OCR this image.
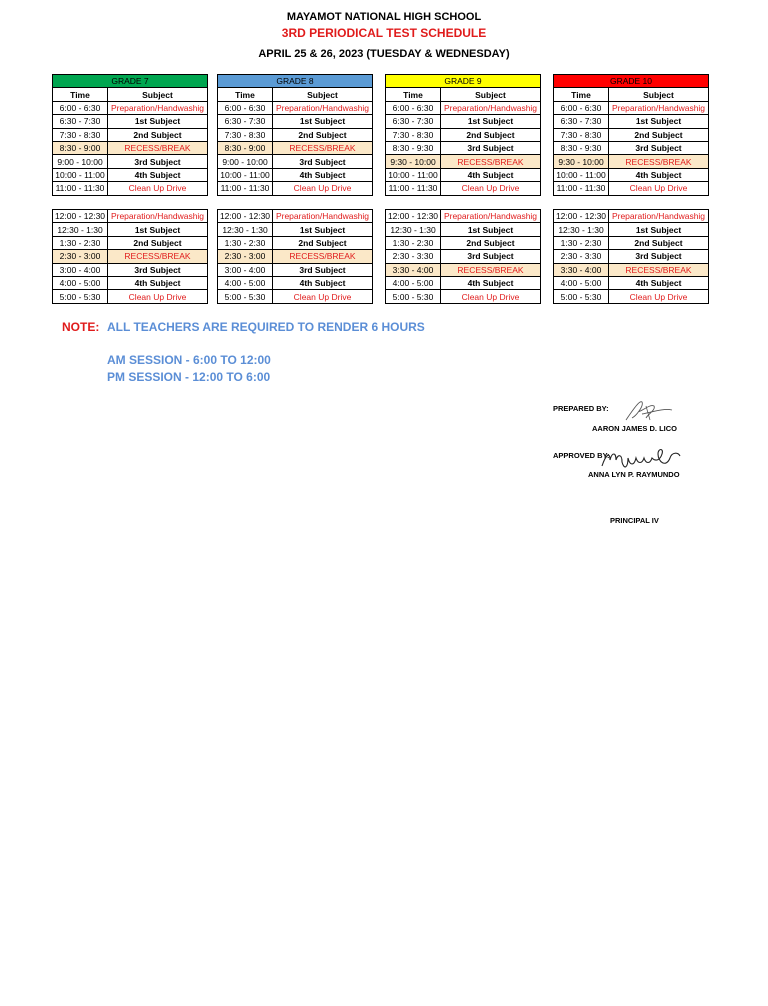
MAYAMOT NATIONAL HIGH SCHOOL
3RD PERIODICAL TEST SCHEDULE
APRIL 25 & 26, 2023 (TUESDAY & WEDNESDAY)
GRADE 7	
Time	Subject
6:00 - 6:30	Preparation/Handwashig
6:30 - 7:30	1st Subject
7:30 - 8:30	2nd Subject
8:30 - 9:00	RECESS/BREAK
9:00 - 10:00	3rd Subject
10:00 - 11:00	4th Subject
11:00 - 11:30	Clean Up Drive
GRADE 8	
Time	Subject
6:00 - 6:30	Preparation/Handwashig
6:30 - 7:30	1st Subject
7:30 - 8:30	2nd Subject
8:30 - 9:00	RECESS/BREAK
9:00 - 10:00	3rd Subject
10:00 - 11:00	4th Subject
11:00 - 11:30	Clean Up Drive
GRADE 9	
Time	Subject
6:00 - 6:30	Preparation/Handwashig
6:30 - 7:30	1st Subject
7:30 - 8:30	2nd Subject
8:30 - 9:30	3rd Subject
9:30 - 10:00	RECESS/BREAK
10:00 - 11:00	4th Subject
11:00 - 11:30	Clean Up Drive
GRADE 10	
Time	Subject
6:00 - 6:30	Preparation/Handwashig
6:30 - 7:30	1st Subject
7:30 - 8:30	2nd Subject
8:30 - 9:30	3rd Subject
9:30 - 10:00	RECESS/BREAK
10:00 - 11:00	4th Subject
11:00 - 11:30	Clean Up Drive
12:00 - 12:30	Preparation/Handwashig
12:30 - 1:30	1st Subject
1:30 - 2:30	2nd Subject
2:30 - 3:00	RECESS/BREAK
3:00 - 4:00	3rd Subject
4:00 - 5:00	4th Subject
5:00 - 5:30	Clean Up Drive
12:00 - 12:30	Preparation/Handwashig
12:30 - 1:30	1st Subject
1:30 - 2:30	2nd Subject
2:30 - 3:00	RECESS/BREAK
3:00 - 4:00	3rd Subject
4:00 - 5:00	4th Subject
5:00 - 5:30	Clean Up Drive
12:00 - 12:30	Preparation/Handwashig
12:30 - 1:30	1st Subject
1:30 - 2:30	2nd Subject
2:30 - 3:30	3rd Subject
3:30 - 4:00	RECESS/BREAK
4:00 - 5:00	4th Subject
5:00 - 5:30	Clean Up Drive
12:00 - 12:30	Preparation/Handwashig
12:30 - 1:30	1st Subject
1:30 - 2:30	2nd Subject
2:30 - 3:30	3rd Subject
3:30 - 4:00	RECESS/BREAK
4:00 - 5:00	4th Subject
5:00 - 5:30	Clean Up Drive
NOTE: ALL TEACHERS ARE REQUIRED TO RENDER 6 HOURS
AM SESSION - 6:00 TO 12:00
PM SESSION - 12:00 TO 6:00
PREPARED BY:
AARON JAMES D. LICO
APPROVED BY:
ANNA LYN P. RAYMUNDO
PRINCIPAL IV
